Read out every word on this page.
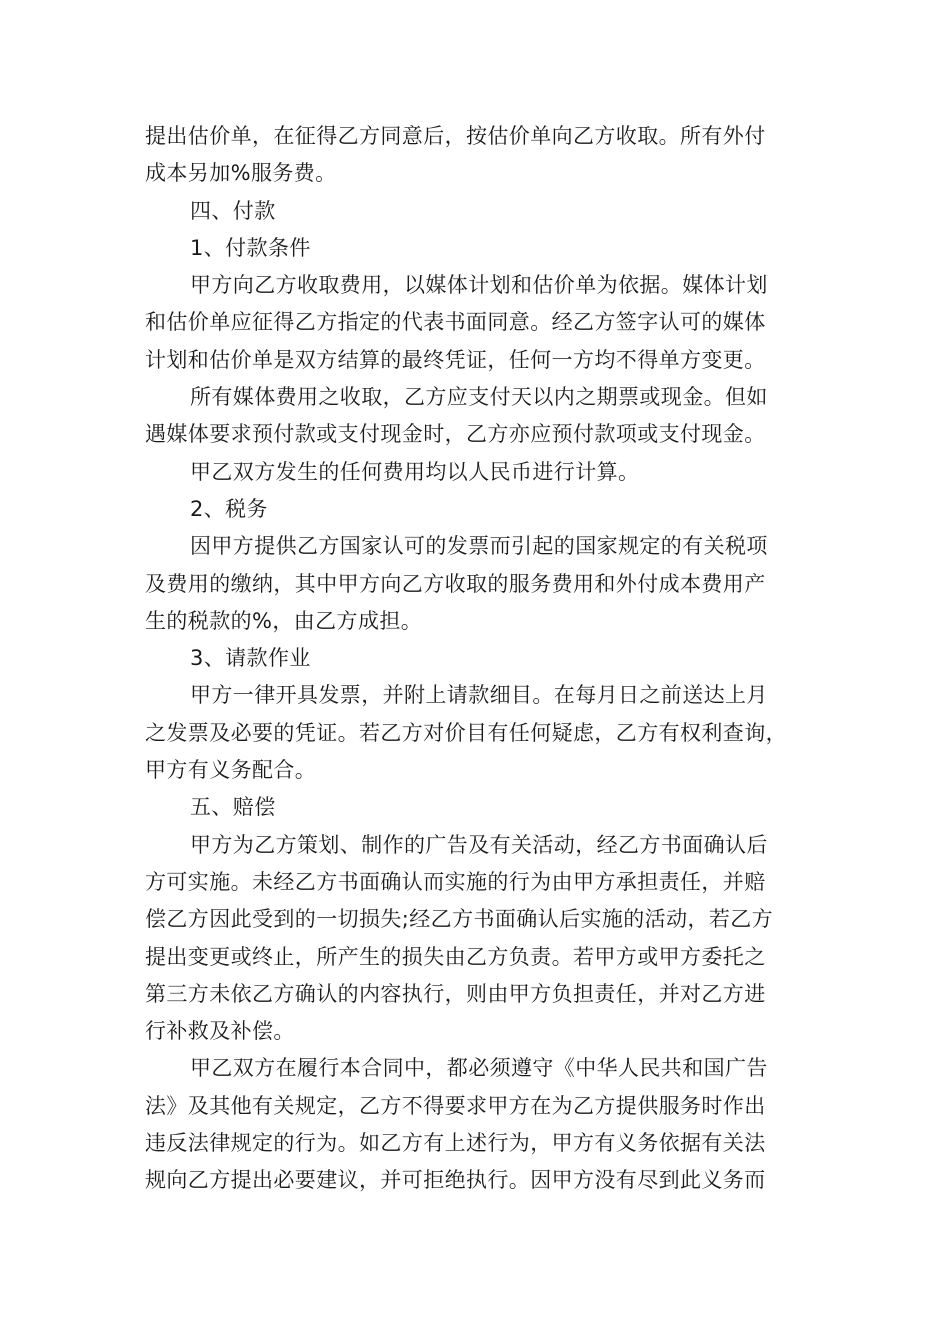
提出估价单，在征得乙方同意后，按估价单向乙方收取。所有外付
成本另加%服务费。
四、付款
1、付款条件
甲方向乙方收取费用，以媒体计划和估价单为依据。媒体计划
和估价单应征得乙方指定的代表书面同意。经乙方签字认可的媒体
计划和估价单是双方结算的最终凭证，任何一方均不得单方变更。
所有媒体费用之收取，乙方应支付天以内之期票或现金。但如
遇媒体要求预付款或支付现金时，乙方亦应预付款项或支付现金。
甲乙双方发生的任何费用均以人民币进行计算。
2、税务
因甲方提供乙方国家认可的发票而引起的国家规定的有关税项
及费用的缴纳，其中甲方向乙方收取的服务费用和外付成本费用产
生的税款的%，由乙方成担。
3、请款作业
甲方一律开具发票，并附上请款细目。在每月日之前送达上月
之发票及必要的凭证。若乙方对价目有任何疑虑，乙方有权利查询，
甲方有义务配合。
五、赔偿
甲方为乙方策划、制作的广告及有关活动，经乙方书面确认后
方可实施。未经乙方书面确认而实施的行为由甲方承担责任，并赔
偿乙方因此受到的一切损失;经乙方书面确认后实施的活动，若乙方
提出变更或终止，所产生的损失由乙方负责。若甲方或甲方委托之
第三方未依乙方确认的内容执行，则由甲方负担责任，并对乙方进
行补救及补偿。
甲乙双方在履行本合同中，都必须遵守《中华人民共和国广告
法》及其他有关规定，乙方不得要求甲方在为乙方提供服务时作出
违反法律规定的行为。如乙方有上述行为，甲方有义务依据有关法
规向乙方提出必要建议，并可拒绝执行。因甲方没有尽到此义务而
